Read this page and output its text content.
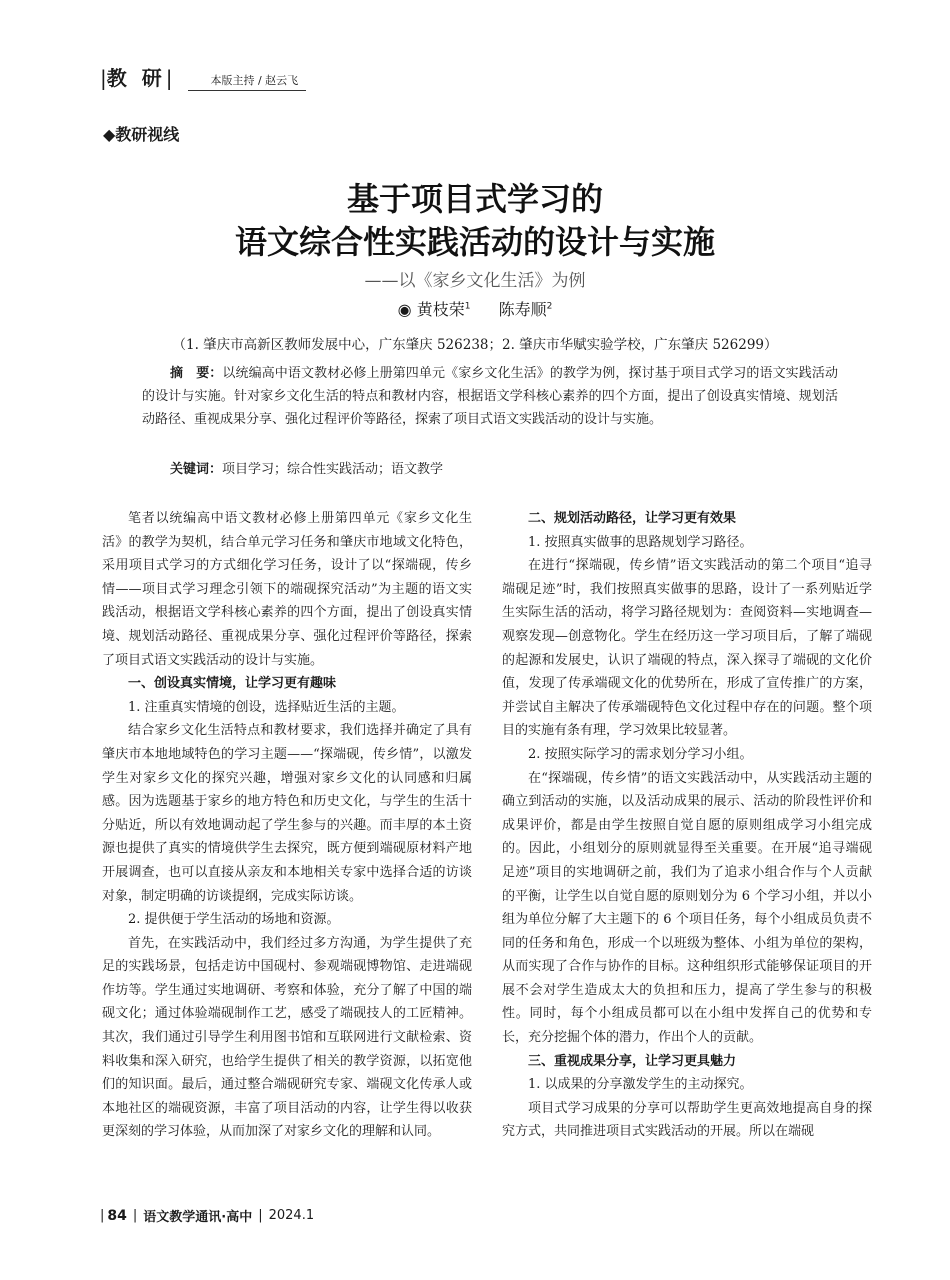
|教 研|	本版主持 / 赵云飞
◆教研视线
基于项目式学习的
语文综合性实践活动的设计与实施
——以《家乡文化生活》为例
◉ 黄枝荣$^1$ 陈寿顺$^2$
（1. 肇庆市高新区教师发展中心，广东肇庆 526238；2. 肇庆市华赋实验学校，广东肇庆 526299）
摘　要：以统编高中语文教材必修上册第四单元《家乡文化生活》的教学为例，探讨基于项目式学习的语文实践活动的设计与实施。针对家乡文化生活的特点和教材内容，根据语文学科核心素养的四个方面，提出了创设真实情境、规划活动路径、重视成果分享、强化过程评价等路径，探索了项目式语文实践活动的设计与实施。
关键词：项目学习；综合性实践活动；语文教学

笔者以统编高中语文教材必修上册第四单元《家乡文化生活》的教学为契机，结合单元学习任务和肇庆市地域文化特色，采用项目式学习的方式细化学习任务，设计了以“探端砚，传乡情——项目式学习理念引领下的端砚探究活动”为主题的语文实践活动，根据语文学科核心素养的四个方面，提出了创设真实情境、规划活动路径、重视成果分享、强化过程评价等路径，探索了项目式语文实践活动的设计与实施。

一、创设真实情境，让学习更有趣味

1. 注重真实情境的创设，选择贴近生活的主题。

结合家乡文化生活特点和教材要求，我们选择并确定了具有肇庆市本地地域特色的学习主题——“探端砚，传乡情”，以激发学生对家乡文化的探究兴趣，增强对家乡文化的认同感和归属感。因为选题基于家乡的地方特色和历史文化，与学生的生活十分贴近，所以有效地调动起了学生参与的兴趣。而丰厚的本土资源也提供了真实的情境供学生去探究，既方便到端砚原材料产地开展调查，也可以直接从亲友和本地相关专家中选择合适的访谈对象，制定明确的访谈提纲，完成实际访谈。

2. 提供便于学生活动的场地和资源。

首先，在实践活动中，我们经过多方沟通，为学生提供了充足的实践场景，包括走访中国砚村、参观端砚博物馆、走进端砚作坊等。学生通过实地调研、考察和体验，充分了解了中国的端砚文化；通过体验端砚制作工艺，感受了端砚技人的工匠精神。其次，我们通过引导学生利用图书馆和互联网进行文献检索、资料收集和深入研究，也给学生提供了相关的教学资源，以拓宽他们的知识面。最后，通过整合端砚研究专家、端砚文化传承人或本地社区的端砚资源，丰富了项目活动的内容，让学生得以收获更深刻的学习体验，从而加深了对家乡文化的理解和认同。

二、规划活动路径，让学习更有效果

1. 按照真实做事的思路规划学习路径。

在进行“探端砚，传乡情”语文实践活动的第二个项目“追寻端砚足迹”时，我们按照真实做事的思路，设计了一系列贴近学生实际生活的活动，将学习路径规划为：查阅资料—实地调查—观察发现—创意物化。学生在经历这一学习项目后，了解了端砚的起源和发展史，认识了端砚的特点，深入探寻了端砚的文化价值，发现了传承端砚文化的优势所在，形成了宣传推广的方案，并尝试自主解决了传承端砚特色文化过程中存在的问题。整个项目的实施有条有理，学习效果比较显著。

2. 按照实际学习的需求划分学习小组。

在“探端砚，传乡情”的语文实践活动中，从实践活动主题的确立到活动的实施，以及活动成果的展示、活动的阶段性评价和成果评价，都是由学生按照自觉自愿的原则组成学习小组完成的。因此，小组划分的原则就显得至关重要。在开展“追寻端砚足迹”项目的实地调研之前，我们为了追求小组合作与个人贡献的平衡，让学生以自觉自愿的原则划分为 6 个学习小组，并以小组为单位分解了大主题下的 6 个项目任务，每个小组成员负责不同的任务和角色，形成一个以班级为整体、小组为单位的架构，从而实现了合作与协作的目标。这种组织形式能够保证项目的开展不会对学生造成太大的负担和压力，提高了学生参与的积极性。同时，每个小组成员都可以在小组中发挥自己的优势和专长，充分挖掘个体的潜力，作出个人的贡献。

三、重视成果分享，让学习更具魅力

1. 以成果的分享激发学生的主动探究。

项目式学习成果的分享可以帮助学生更高效地提高自身的探究方式，共同推进项目式实践活动的开展。所以在端砚

| 84 | 语文教学通讯·高中 | 2024.1
